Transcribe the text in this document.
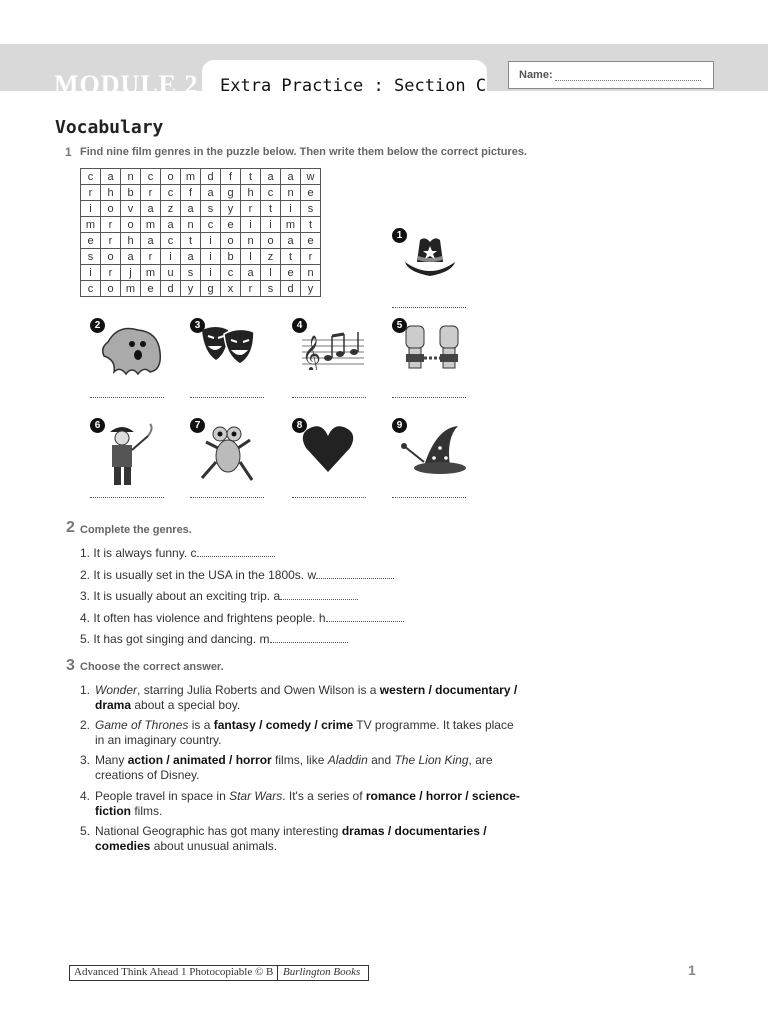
MODULE 2 Extra Practice : Section C
Name:
Vocabulary
1 Find nine film genres in the puzzle below. Then write them below the correct pictures.
c	a	n	c	o	m	d	f	t	a	a	w
r	h	b	r	c	f	a	g	h	c	n	e
i	o	v	a	z	a	s	y	r	t	i	s
m	r	o	m	a	n	c	e	i	i	m	t
e	r	h	a	c	t	i	o	n	o	a	e
s	o	a	r	i	a	i	b	l	z	t	r
i	r	j	m	u	s	i	c	a	l	e	n
c	o	m	e	d	y	g	x	r	s	d	y
1
2	3	4
𝄞
5
6	7	8	9
2 Complete the genres.
1. It is always funny. c
2. It is usually set in the USA in the 1800s. w
3. It is usually about an exciting trip. a
4. It often has violence and frightens people. h
5. It has got singing and dancing. m
3 Choose the correct answer.
1. Wonder, starring Julia Roberts and Owen Wilson is a western / documentary / drama about a special boy.
2. Game of Thrones is a fantasy / comedy / crime TV programme. It takes place in an imaginary country.
3. Many action / animated / horror films, like Aladdin and The Lion King, are creations of Disney.
4. People travel in space in Star Wars. It's a series of romance / horror / science-fiction films.
5. National Geographic has got many interesting dramas / documentaries / comedies about unusual animals.
Advanced Think Ahead 1 Photocopiable © B Burlington Books	1
